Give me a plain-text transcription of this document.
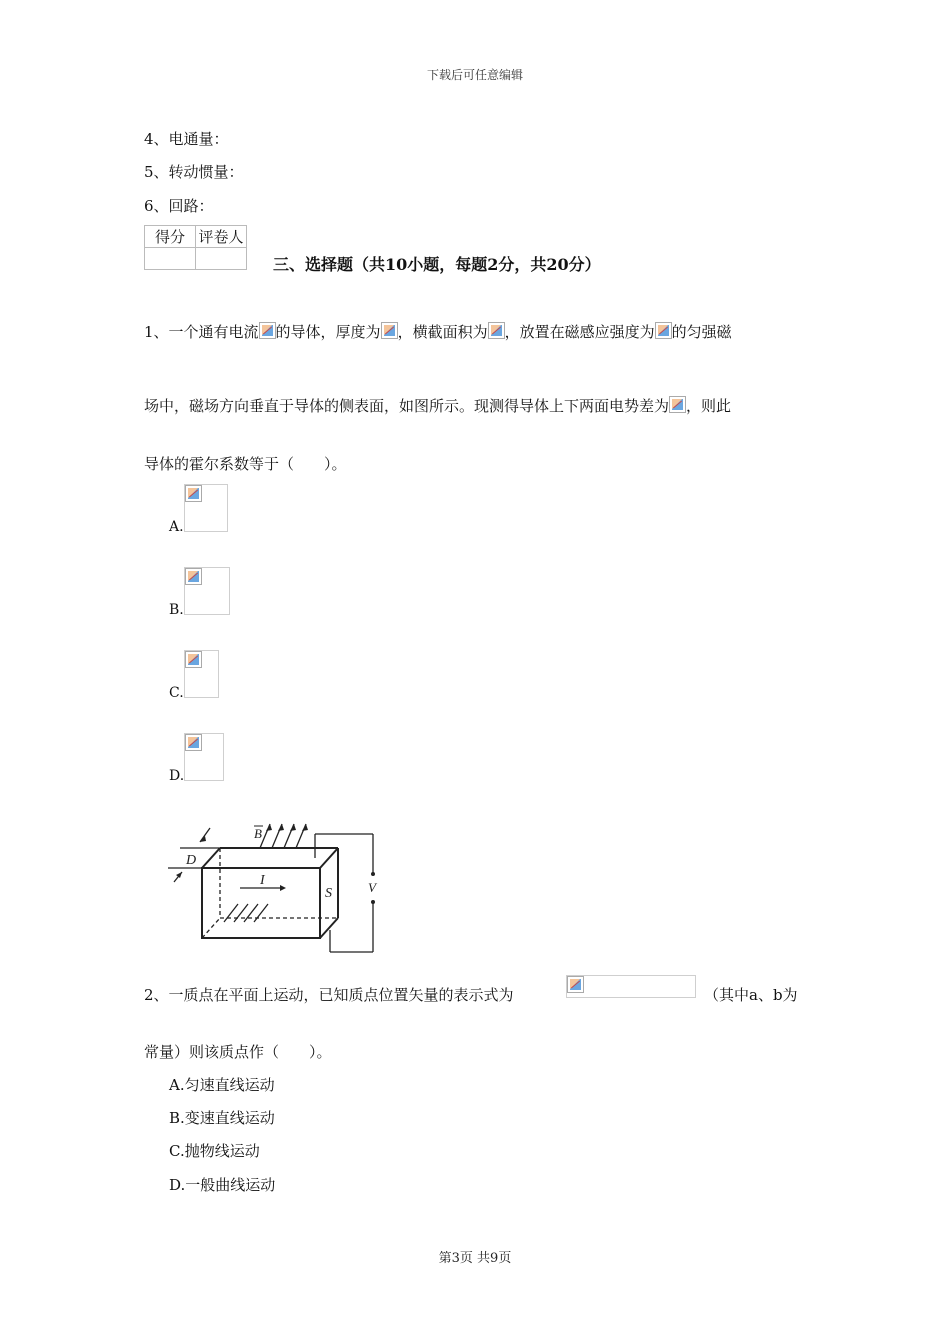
下载后可任意编辑
4、电通量：
5、转动惯量：
6、回路：
得分	评卷人

三、选择题（共10小题，每题2分，共20分）
1、一个通有电流 的导体，厚度为 ，横截面积为 ，放置在磁感应强度为 的匀强磁
场中，磁场方向垂直于导体的侧表面，如图所示。现测得导体上下两面电势差为 ，则此
导体的霍尔系数等于（　　）。
A.
B.
C.
D.
D
B
I
S	V
2、一质点在平面上运动，已知质点位置矢量的表示式为	（其中a、b为
常量）则该质点作（　　）。
A.匀速直线运动
B.变速直线运动
C.抛物线运动
D.一般曲线运动
第3页 共9页
